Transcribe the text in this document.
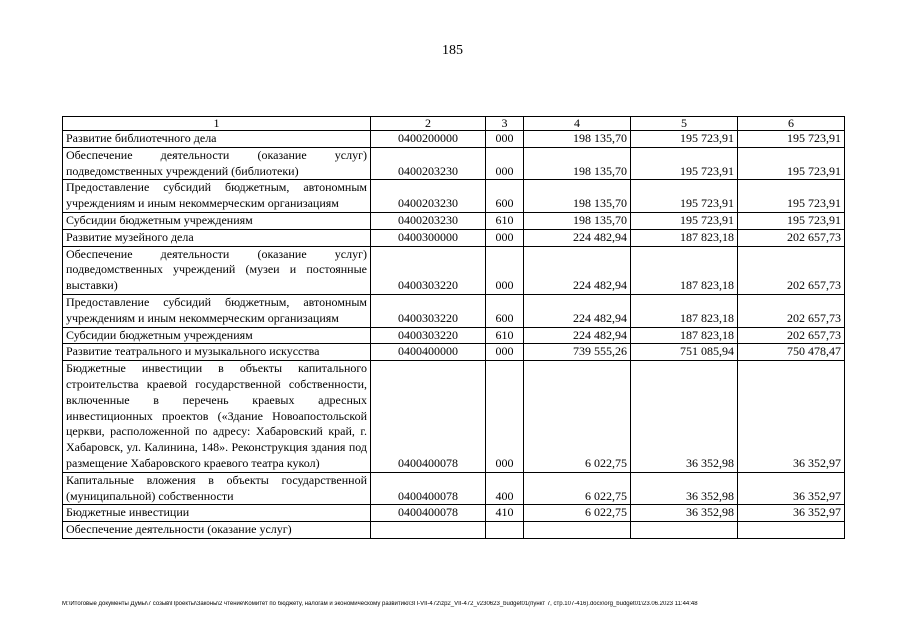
185
1	2	3	4	5	6
Развитие библиотечного дела	0400200000	000	198 135,70	195 723,91	195 723,91
Обеспечение деятельности (оказание услуг) подведомственных учреждений (библиотеки)	0400203230	000	198 135,70	195 723,91	195 723,91
Предоставление субсидий бюджетным, автономным учреждениям и иным некоммерческим организациям	0400203230	600	198 135,70	195 723,91	195 723,91
Субсидии бюджетным учреждениям	0400203230	610	198 135,70	195 723,91	195 723,91
Развитие музейного дела	0400300000	000	224 482,94	187 823,18	202 657,73
Обеспечение деятельности (оказание услуг) подведомственных учреждений (музеи и постоянные выставки)	0400303220	000	224 482,94	187 823,18	202 657,73
Предоставление субсидий бюджетным, автономным учреждениям и иным некоммерческим организациям	0400303220	600	224 482,94	187 823,18	202 657,73
Субсидии бюджетным учреждениям	0400303220	610	224 482,94	187 823,18	202 657,73
Развитие театрального и музыкального искусства	0400400000	000	739 555,26	751 085,94	750 478,47
Бюджетные инвестиции в объекты капитального строительства краевой государственной собственности, включенные в перечень краевых адресных инвестиционных проектов («Здание Новоапостольской церкви, расположенной по адресу: Хабаровский край, г. Хабаровск, ул. Калинина, 148». Реконструкция здания под размещение Хабаровского краевого театра кукол)	0400400078	000	6 022,75	36 352,98	36 352,97
Капитальные вложения в объекты государственной (муниципальной) собственности	0400400078	400	6 022,75	36 352,98	36 352,97
Бюджетные инвестиции	0400400078	410	6 022,75	36 352,98	36 352,97
Обеспечение деятельности (оказание услуг)					
M:\Итоговые документы Думы\7 созыв\Проекты\Законы\2 чтение\Комитет по бюджету, налогам и экономическому развитию\ЗП-VII-472\zp2_VII-472_v230623_budget01(пункт 7, стр.107-416).docx\org_budget01\23.06.2023 11:44:48
